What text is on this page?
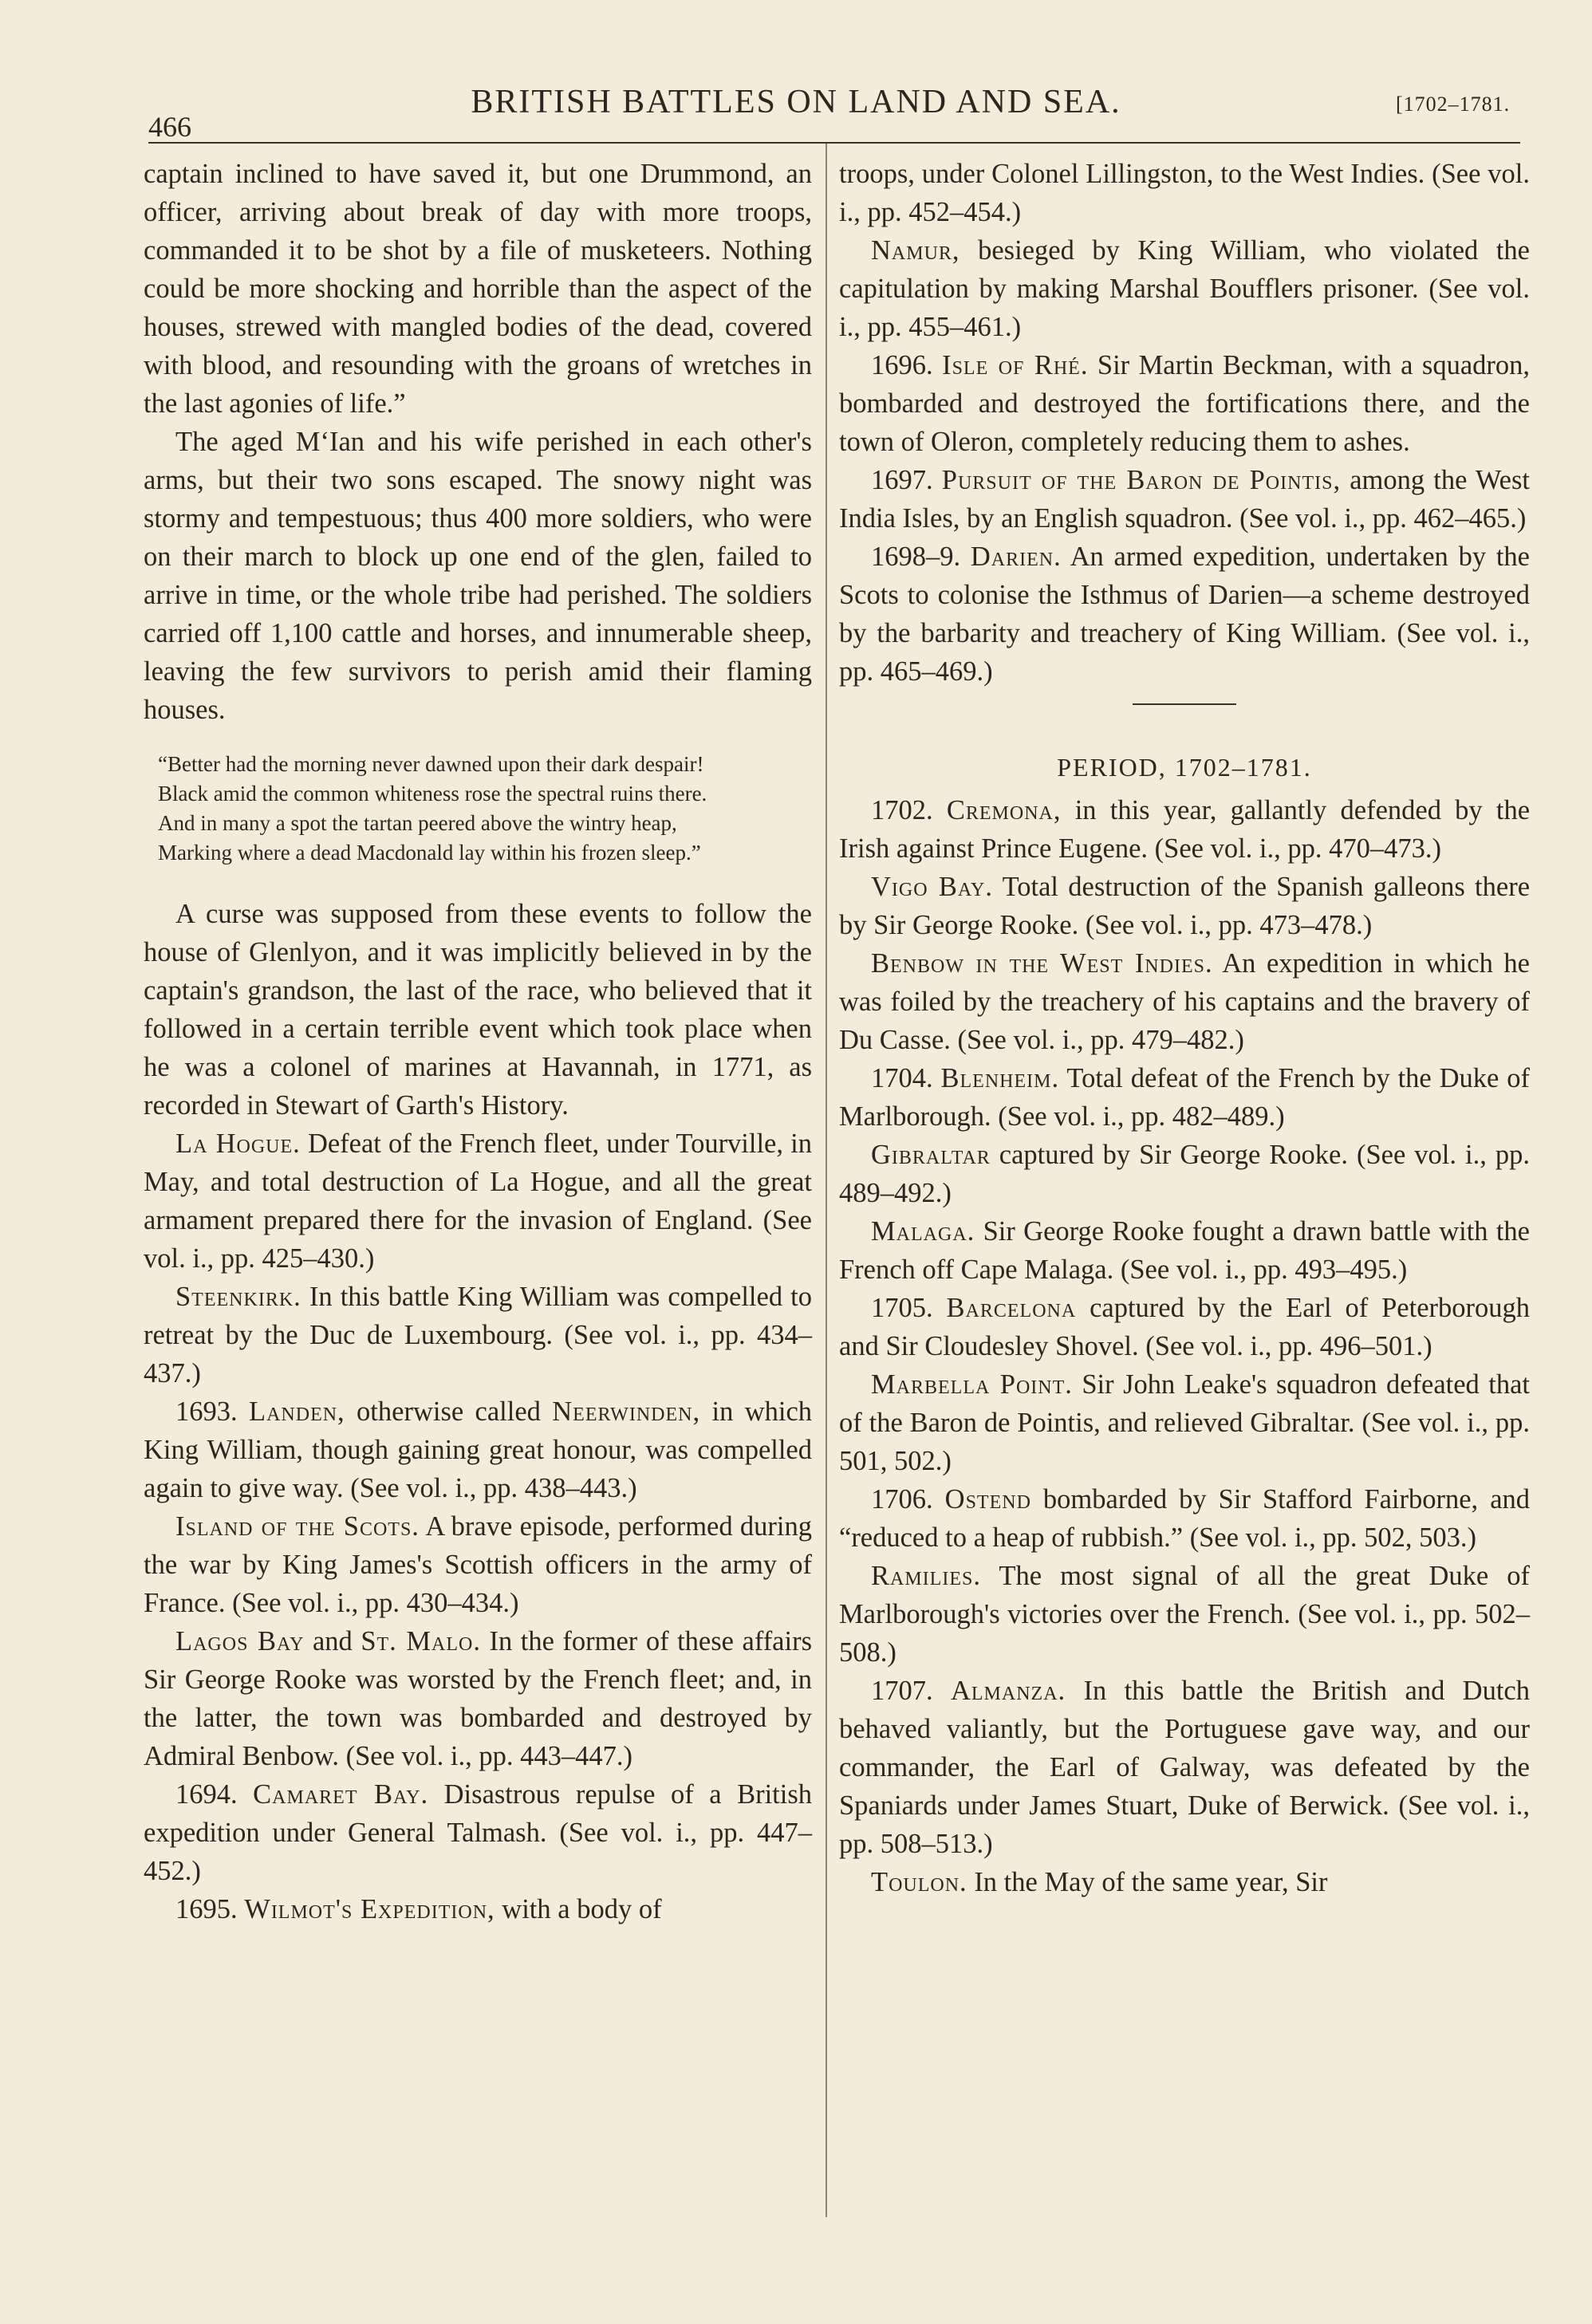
466
BRITISH BATTLES ON LAND AND SEA.	[1702–1781.

captain inclined to have saved it, but one Drummond, an officer, arriving about break of day with more troops, commanded it to be shot by a file of musketeers. Nothing could be more shocking and horrible than the aspect of the houses, strewed with mangled bodies of the dead, covered with blood, and resounding with the groans of wretches in the last agonies of life.”

The aged M‘Ian and his wife perished in each other's arms, but their two sons escaped. The snowy night was stormy and tempestuous; thus 400 more soldiers, who were on their march to block up one end of the glen, failed to arrive in time, or the whole tribe had perished. The soldiers carried off 1,100 cattle and horses, and innumerable sheep, leaving the few survivors to perish amid their flaming houses.

“Better had the morning never dawned upon their dark despair!

Black amid the common whiteness rose the spectral ruins there.

And in many a spot the tartan peered above the wintry heap,

Marking where a dead Macdonald lay within his frozen sleep.”

A curse was supposed from these events to follow the house of Glenlyon, and it was implicitly believed in by the captain's grandson, the last of the race, who believed that it followed in a certain terrible event which took place when he was a colonel of marines at Havannah, in 1771, as recorded in Stewart of Garth's History.

La Hogue. Defeat of the French fleet, under Tourville, in May, and total destruction of La Hogue, and all the great armament prepared there for the invasion of England. (See vol. i., pp. 425–430.)

Steenkirk. In this battle King William was compelled to retreat by the Duc de Luxembourg. (See vol. i., pp. 434–437.)

1693. Landen, otherwise called Neerwinden, in which King William, though gaining great honour, was compelled again to give way. (See vol. i., pp. 438–443.)

Island of the Scots. A brave episode, performed during the war by King James's Scottish officers in the army of France. (See vol. i., pp. 430–434.)

Lagos Bay and St. Malo. In the former of these affairs Sir George Rooke was worsted by the French fleet; and, in the latter, the town was bombarded and destroyed by Admiral Benbow. (See vol. i., pp. 443–447.)

1694. Camaret Bay. Disastrous repulse of a British expedition under General Talmash. (See vol. i., pp. 447–452.)

1695. Wilmot's Expedition, with a body of

troops, under Colonel Lillingston, to the West Indies. (See vol. i., pp. 452–454.)

Namur, besieged by King William, who violated the capitulation by making Marshal Boufflers prisoner. (See vol. i., pp. 455–461.)

1696. Isle of Rhé. Sir Martin Beckman, with a squadron, bombarded and destroyed the fortifications there, and the town of Oleron, completely reducing them to ashes.

1697. Pursuit of the Baron de Pointis, among the West India Isles, by an English squadron. (See vol. i., pp. 462–465.)

1698–9. Darien. An armed expedition, undertaken by the Scots to colonise the Isthmus of Darien—a scheme destroyed by the barbarity and treachery of King William. (See vol. i., pp. 465–469.)

PERIOD, 1702–1781.

1702. Cremona, in this year, gallantly defended by the Irish against Prince Eugene. (See vol. i., pp. 470–473.)

Vigo Bay. Total destruction of the Spanish galleons there by Sir George Rooke. (See vol. i., pp. 473–478.)

Benbow in the West Indies. An expedition in which he was foiled by the treachery of his captains and the bravery of Du Casse. (See vol. i., pp. 479–482.)

1704. Blenheim. Total defeat of the French by the Duke of Marlborough. (See vol. i., pp. 482–489.)

Gibraltar captured by Sir George Rooke. (See vol. i., pp. 489–492.)

Malaga. Sir George Rooke fought a drawn battle with the French off Cape Malaga. (See vol. i., pp. 493–495.)

1705. Barcelona captured by the Earl of Peterborough and Sir Cloudesley Shovel. (See vol. i., pp. 496–501.)

Marbella Point. Sir John Leake's squadron defeated that of the Baron de Pointis, and relieved Gibraltar. (See vol. i., pp. 501, 502.)

1706. Ostend bombarded by Sir Stafford Fairborne, and “reduced to a heap of rubbish.” (See vol. i., pp. 502, 503.)

Ramilies. The most signal of all the great Duke of Marlborough's victories over the French. (See vol. i., pp. 502–508.)

1707. Almanza. In this battle the British and Dutch behaved valiantly, but the Portuguese gave way, and our commander, the Earl of Galway, was defeated by the Spaniards under James Stuart, Duke of Berwick. (See vol. i., pp. 508–513.)

Toulon. In the May of the same year, Sir
